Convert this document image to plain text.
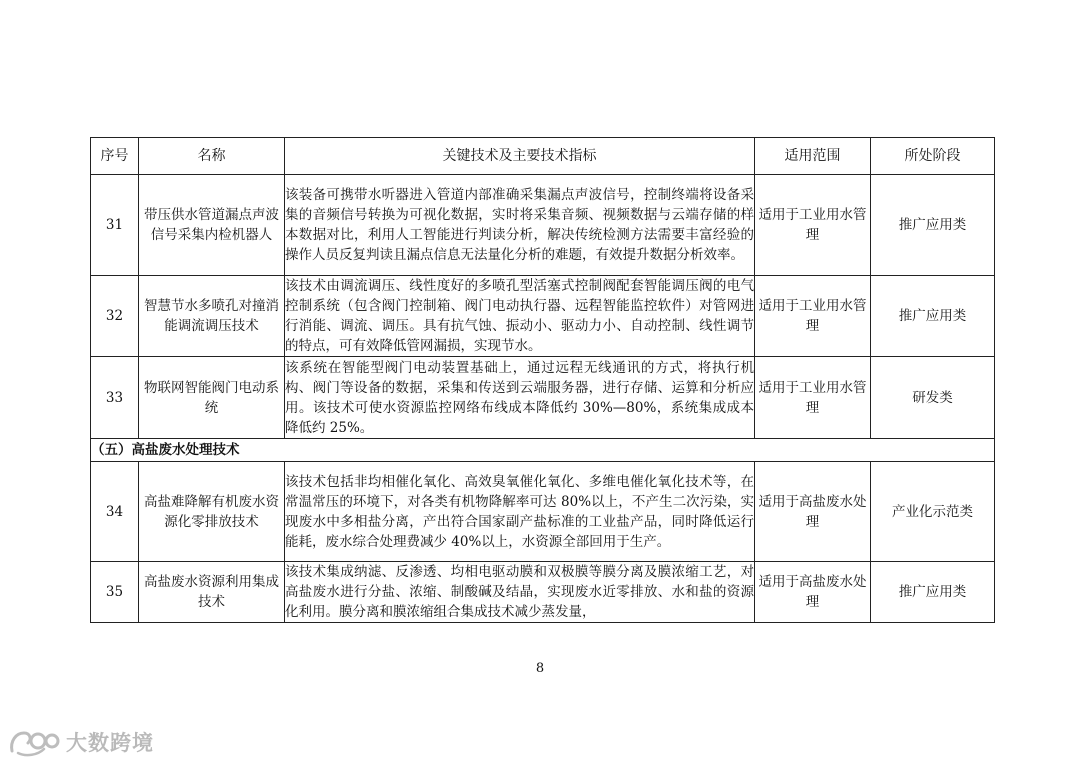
序号	名称	关键技术及主要技术指标	适用范围	所处阶段
31	带压供水管道漏点声波信号采集内检机器人	该装备可携带水听器进入管道内部准确采集漏点声波信号，控制终端将设备采集的音频信号转换为可视化数据，实时将采集音频、视频数据与云端存储的样本数据对比，利用人工智能进行判读分析，解决传统检测方法需要丰富经验的操作人员反复判读且漏点信息无法量化分析的难题，有效提升数据分析效率。	适用于工业用水管理	推广应用类
32	智慧节水多喷孔对撞消能调流调压技术	该技术由调流调压、线性度好的多喷孔型活塞式控制阀配套智能调压阀的电气控制系统（包含阀门控制箱、阀门电动执行器、远程智能监控软件）对管网进行消能、调流、调压。具有抗气蚀、振动小、驱动力小、自动控制、线性调节的特点，可有效降低管网漏损，实现节水。	适用于工业用水管理	推广应用类
33	物联网智能阀门电动系统	该系统在智能型阀门电动装置基础上，通过远程无线通讯的方式，将执行机构、阀门等设备的数据，采集和传送到云端服务器，进行存储、运算和分析应用。该技术可使水资源监控网络布线成本降低约 30%—80%，系统集成成本降低约 25%。	适用于工业用水管理	研发类
（五）高盐废水处理技术				
34	高盐难降解有机废水资源化零排放技术	该技术包括非均相催化氧化、高效臭氧催化氧化、多维电催化氧化技术等，在常温常压的环境下，对各类有机物降解率可达 80%以上，不产生二次污染，实现废水中多相盐分离，产出符合国家副产盐标准的工业盐产品，同时降低运行能耗，废水综合处理费减少 40%以上，水资源全部回用于生产。	适用于高盐废水处理	产业化示范类
35	高盐废水资源利用集成技术	该技术集成纳滤、反渗透、均相电驱动膜和双极膜等膜分离及膜浓缩工艺，对高盐废水进行分盐、浓缩、制酸碱及结晶，实现废水近零排放、水和盐的资源化利用。膜分离和膜浓缩组合集成技术减少蒸发量，	适用于高盐废水处理	推广应用类
8
大数跨境
